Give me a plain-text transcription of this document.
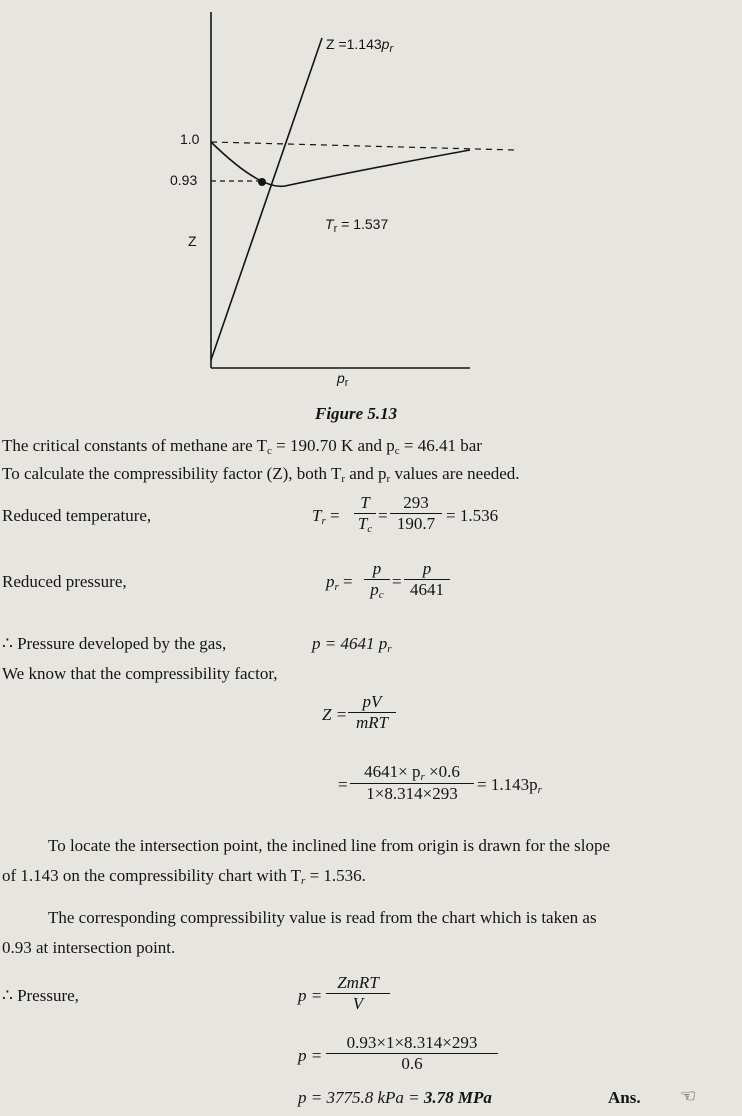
1.0
0.93
Z
$Z =1.143p_r$
$T_r = 1.537$
$p_r$
Figure 5.13
The critical constants of methane are $T_c = 190.70$ K and $p_c = 46.41$ bar
To calculate the compressibility factor (Z), both $T_r$ and $p_r$ values are needed.
Reduced temperature,	$T_r = \frac{T}{T_c} = \frac{293}{190.7} = 1.536$
Reduced pressure,	$p_r = \frac{p}{p_c} = \frac{p}{4641}$
∴ Pressure developed by the gas,	p = 4641 $p_r$
We know that the compressibility factor,
Z =
pV
mRT
= $\frac{4641\times p_r \times 0.6}{1\times 8.314\times 293} = 1.143p_r$
To locate the intersection point, the inclined line from origin is drawn for the slope
of 1.143 on the compressibility chart with $T_r = 1.536$.
The corresponding compressibility value is read from the chart which is taken as
0.93 at intersection point.
∴ Pressure,	p =
ZmRT
V
$p = \frac{0.93\times 1\times 8.314\times 293}{0.6}$
p = 3775.8 kPa = 3.78 MPa	Ans. ☜
